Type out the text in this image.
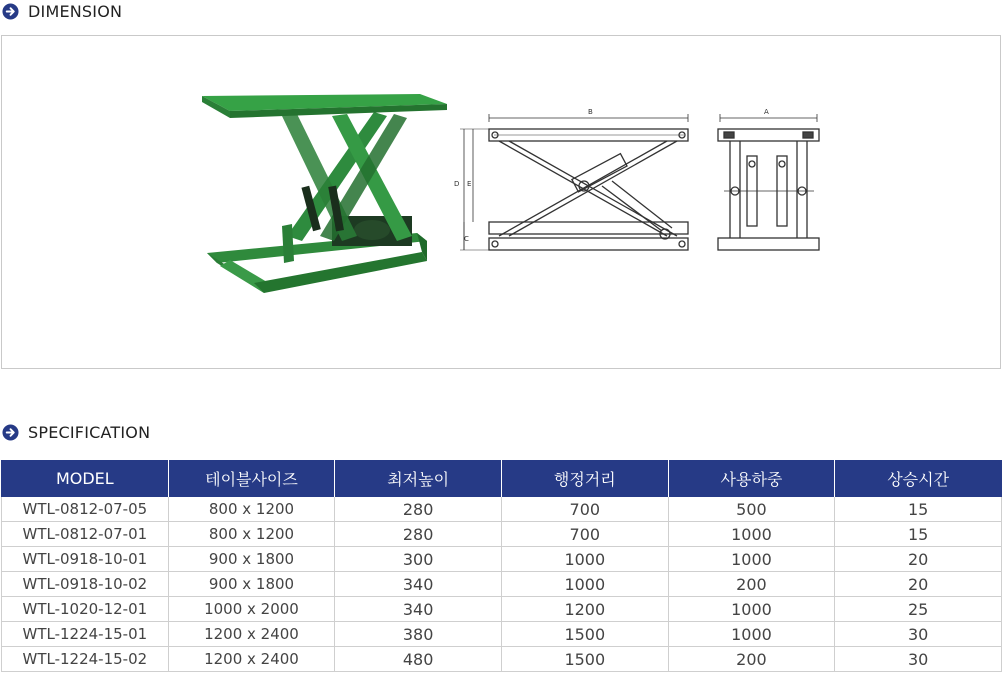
DIMENSION
B
D E
C
A
SPECIFICATION
MODEL	테이블사이즈	최저높이	행정거리	사용하중	상승시간
WTL-0812-07-05	800 x 1200	280	700	500	15
WTL-0812-07-01	800 x 1200	280	700	1000	15
WTL-0918-10-01	900 x 1800	300	1000	1000	20
WTL-0918-10-02	900 x 1800	340	1000	200	20
WTL-1020-12-01	1000 x 2000	340	1200	1000	25
WTL-1224-15-01	1200 x 2400	380	1500	1000	30
WTL-1224-15-02	1200 x 2400	480	1500	200	30
